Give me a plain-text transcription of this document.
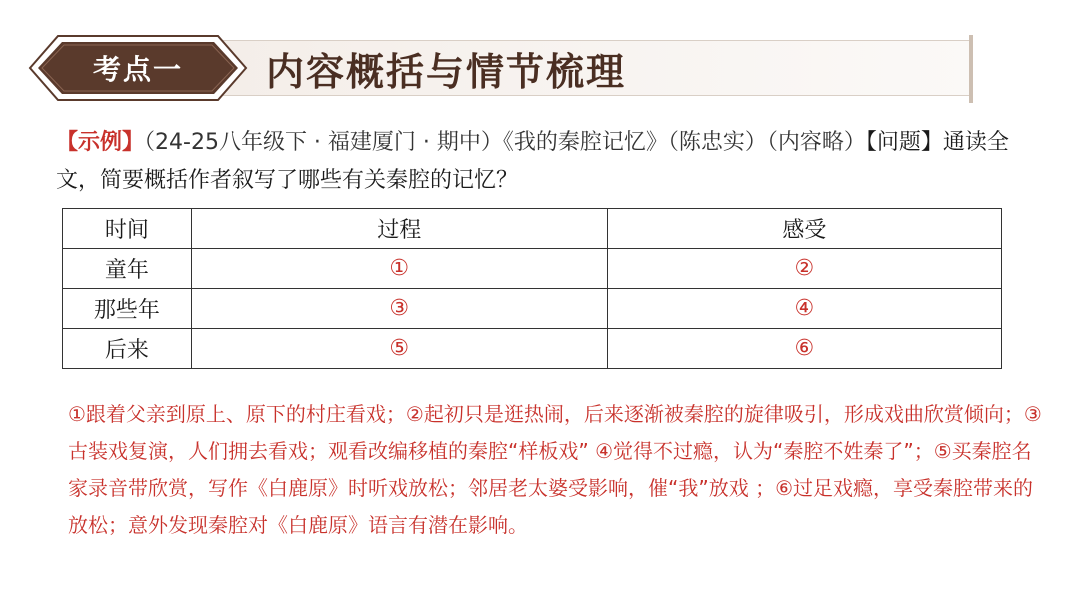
考点一	内容概括与情节梳理
【示例】（24-25八年级下 · 福建厦门 · 期中）《我的秦腔记忆》（陈忠实）（内容略）【问题】通读全文，简要概括作者叙写了哪些有关秦腔的记忆？
时间	过程	感受
童年	①	②
那些年	③	④
后来	⑤	⑥
①跟着父亲到原上、原下的村庄看戏；②起初只是逛热闹，后来逐渐被秦腔的旋律吸引，形成戏曲欣赏倾向；③古装戏复演，人们拥去看戏；观看改编移植的秦腔“样板戏” ④觉得不过瘾，认为“秦腔不姓秦了”；⑤买秦腔名家录音带欣赏，写作《白鹿原》时听戏放松；邻居老太婆受影响，催“我”放戏 ；⑥过足戏瘾，享受秦腔带来的放松；意外发现秦腔对《白鹿原》语言有潜在影响。
